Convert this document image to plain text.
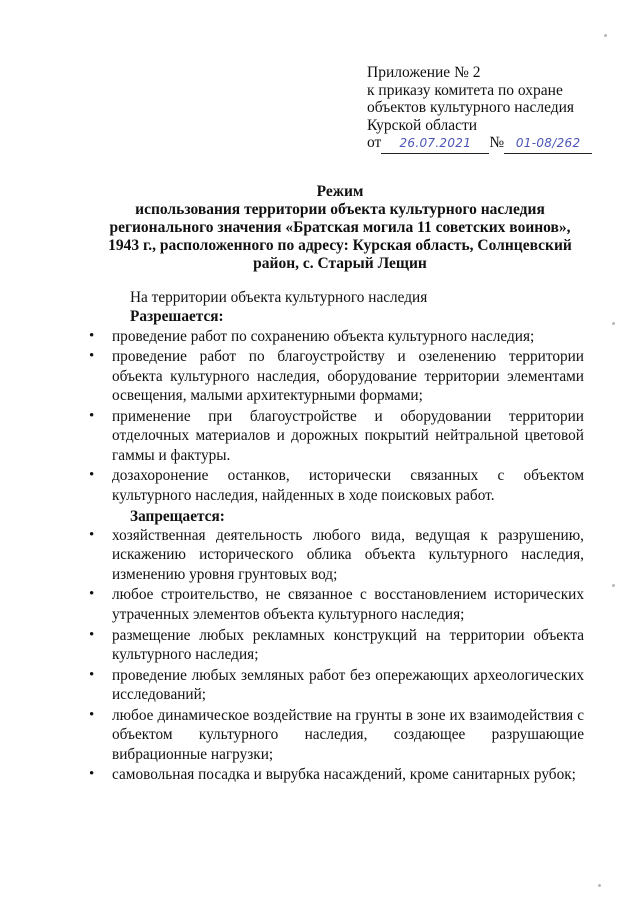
Приложение № 2
к приказу комитета по охране
объектов культурного наследия
Курской области
от	26.07.2021	№ 01-08/262
Режим
использования территории объекта культурного наследия
регионального значения «Братская могила 11 советских воинов»,
1943 г., расположенного по адресу: Курская область, Солнцевский
район, с. Старый Лещин
На территории объекта культурного наследия
Разрешается:
• проведение работ по сохранению объекта культурного наследия;
• проведение работ по благоустройству и озеленению территории объекта культурного наследия, оборудование территории элементами освещения, малыми архитектурными формами;
• применение при благоустройстве и оборудовании территории отделочных материалов и дорожных покрытий нейтральной цветовой гаммы и фактуры.
• дозахоронение останков, исторически связанных с объектом культурного наследия, найденных в ходе поисковых работ.
Запрещается:
• хозяйственная деятельность любого вида, ведущая к разрушению, искажению исторического облика объекта культурного наследия, изменению уровня грунтовых вод;
• любое строительство, не связанное с восстановлением исторических утраченных элементов объекта культурного наследия;
• размещение любых рекламных конструкций на территории объекта культурного наследия;
• проведение любых земляных работ без опережающих археологических исследований;
• любое динамическое воздействие на грунты в зоне их взаимодействия с объектом культурного наследия, создающее разрушающие вибрационные нагрузки;
• самовольная посадка и вырубка насаждений, кроме санитарных рубок;
